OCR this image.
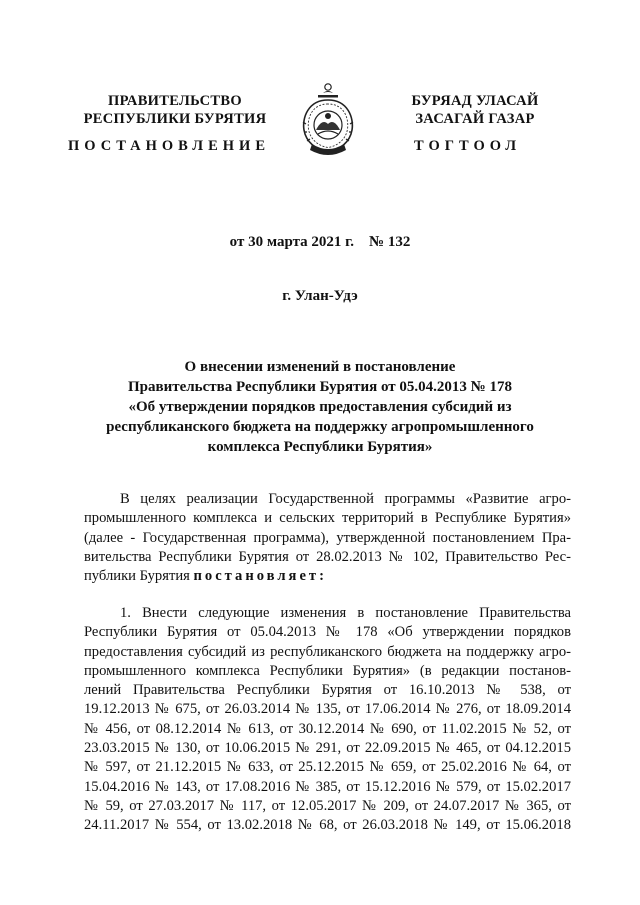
ПРАВИТЕЛЬСТВО
РЕСПУБЛИКИ БУРЯТИЯ
ПОСТАНОВЛЕНИЕ
БУРЯАД УЛАСАЙ
ЗАСАГАЙ ГАЗАР
ТОГТООЛ
от 30 марта 2021 г.    № 132
г. Улан-Удэ
О внесении изменений в постановление
Правительства Республики Бурятия от 05.04.2013 № 178
«Об утверждении порядков предоставления субсидий из
республиканского бюджета на поддержку агропромышленного
комплекса Республики Бурятия»
В целях реализации Государственной программы «Развитие агро-
промышленного комплекса и сельских территорий в Республике Бурятия»
(далее - Государственная программа), утвержденной постановлением Пра-
вительства Республики Бурятия от 28.02.2013 № 102, Правительство Рес-
публики Бурятия постановляет:
1. Внести следующие изменения в постановление Правительства
Республики Бурятия от 05.04.2013 № 178 «Об утверждении порядков
предоставления субсидий из республиканского бюджета на поддержку агро-
промышленного комплекса Республики Бурятия» (в редакции постанов-
лений Правительства Республики Бурятия от 16.10.2013 № 538, от
19.12.2013 № 675, от 26.03.2014 № 135, от 17.06.2014 № 276, от 18.09.2014
№ 456, от 08.12.2014 № 613, от 30.12.2014 № 690, от 11.02.2015 № 52, от
23.03.2015 № 130, от 10.06.2015 № 291, от 22.09.2015 № 465, от 04.12.2015
№ 597, от 21.12.2015 № 633, от 25.12.2015 № 659, от 25.02.2016 № 64, от
15.04.2016 № 143, от 17.08.2016 № 385, от 15.12.2016 № 579, от 15.02.2017
№ 59, от 27.03.2017 № 117, от 12.05.2017 № 209, от 24.07.2017 № 365, от
24.11.2017 № 554, от 13.02.2018 № 68, от 26.03.2018 № 149, от 15.06.2018
